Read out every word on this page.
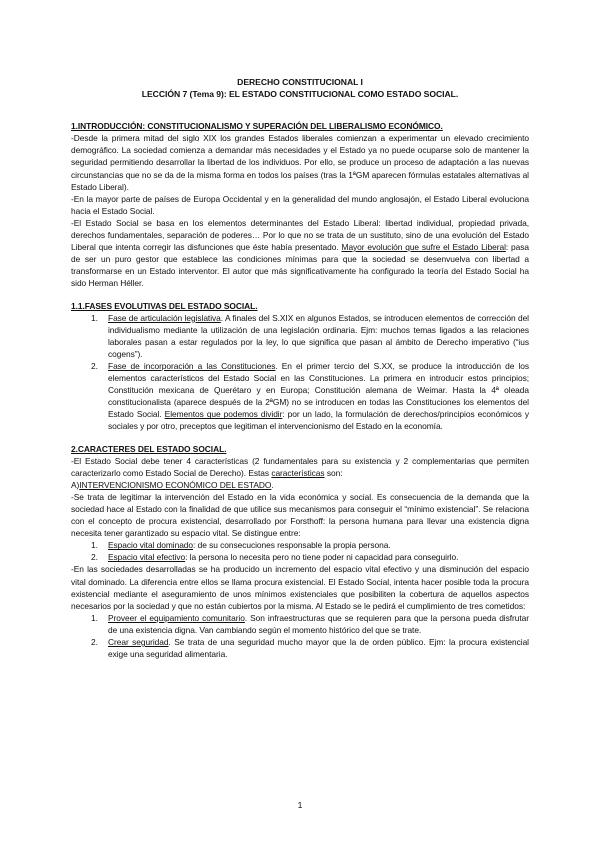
DERECHO CONSTITUCIONAL I
LECCIÓN 7 (Tema 9): EL ESTADO CONSTITUCIONAL COMO ESTADO SOCIAL.
1.INTRODUCCIÓN: CONSTITUCIONALISMO Y SUPERACIÓN DEL LIBERALISMO ECONÓMICO.
-Desde la primera mitad del siglo XIX los grandes Estados liberales comienzan a experimentar un elevado crecimiento demográfico. La sociedad comienza a demandar más necesidades y el Estado ya no puede ocuparse solo de mantener la seguridad permitiendo desarrollar la libertad de los individuos. Por ello, se produce un proceso de adaptación a las nuevas circunstancias que no se da de la misma forma en todos los países (tras la 1ªGM aparecen fórmulas estatales alternativas al Estado Liberal).
-En la mayor parte de países de Europa Occidental y en la generalidad del mundo anglosajón, el Estado Liberal evoluciona hacia el Estado Social.
-El Estado Social se basa en los elementos determinantes del Estado Liberal: libertad individual, propiedad privada, derechos fundamentales, separación de poderes… Por lo que no se trata de un sustituto, sino de una evolución del Estado Liberal que intenta corregir las disfunciones que éste había presentado. Mayor evolución que sufre el Estado Liberal: pasa de ser un puro gestor que establece las condiciones mínimas para que la sociedad se desenvuelva con libertad a transformarse en un Estado interventor. El autor que más significativamente ha configurado la teoría del Estado Social ha sido Herman Héller.
1.1.FASES EVOLUTIVAS DEL ESTADO SOCIAL.
1. Fase de articulación legislativa. A finales del S.XIX en algunos Estados, se introducen elementos de corrección del individualismo mediante la utilización de una legislación ordinaria. Ejm: muchos temas ligados a las relaciones laborales pasan a estar regulados por la ley, lo que significa que pasan al ámbito de Derecho imperativo (“ius cogens”).
2. Fase de incorporación a las Constituciones. En el primer tercio del S.XX, se produce la introducción de los elementos característicos del Estado Social en las Constituciones. La primera en introducir estos principios; Constitución mexicana de Querétaro y en Europa; Constitución alemana de Weimar. Hasta la 4ª oleada constitucionalista (aparece después de la 2ªGM) no se introducen en todas las Constituciones los elementos del Estado Social. Elementos que podemos dividir: por un lado, la formulación de derechos/principios económicos y sociales y por otro, preceptos que legitiman el intervencionismo del Estado en la economía.
2.CARACTERES DEL ESTADO SOCIAL.
-El Estado Social debe tener 4 características (2 fundamentales para su existencia y 2 complementarias que permiten caracterizarlo como Estado Social de Derecho). Estas características son:
A)INTERVENCIONISMO ECONÓMICO DEL ESTADO.
-Se trata de legitimar la intervención del Estado en la vida económica y social. Es consecuencia de la demanda que la sociedad hace al Estado con la finalidad de que utilice sus mecanismos para conseguir el “mínimo existencial”. Se relaciona con el concepto de procura existencial, desarrollado por Forsthoff: la persona humana para llevar una existencia digna necesita tener garantizado su espacio vital. Se distingue entre:
1. Espacio vital dominado: de su consecuciones responsable la propia persona.
2. Espacio vital efectivo: la persona lo necesita pero no tiene poder ni capacidad para conseguirlo.
-En las sociedades desarrolladas se ha producido un incremento del espacio vital efectivo y una disminución del espacio vital dominado. La diferencia entre ellos se llama procura existencial. El Estado Social, intenta hacer posible toda la procura existencial mediante el aseguramiento de unos mínimos existenciales que posibiliten la cobertura de aquellos aspectos necesarios por la sociedad y que no están cubiertos por la misma. Al Estado se le pedirá el cumplimiento de tres cometidos:
1. Proveer el equipamiento comunitario. Son infraestructuras que se requieren para que la persona pueda disfrutar de una existencia digna. Van cambiando según el momento histórico del que se trate.
2. Crear seguridad. Se trata de una seguridad mucho mayor que la de orden público. Ejm: la procura existencial exige una seguridad alimentaria.
1
